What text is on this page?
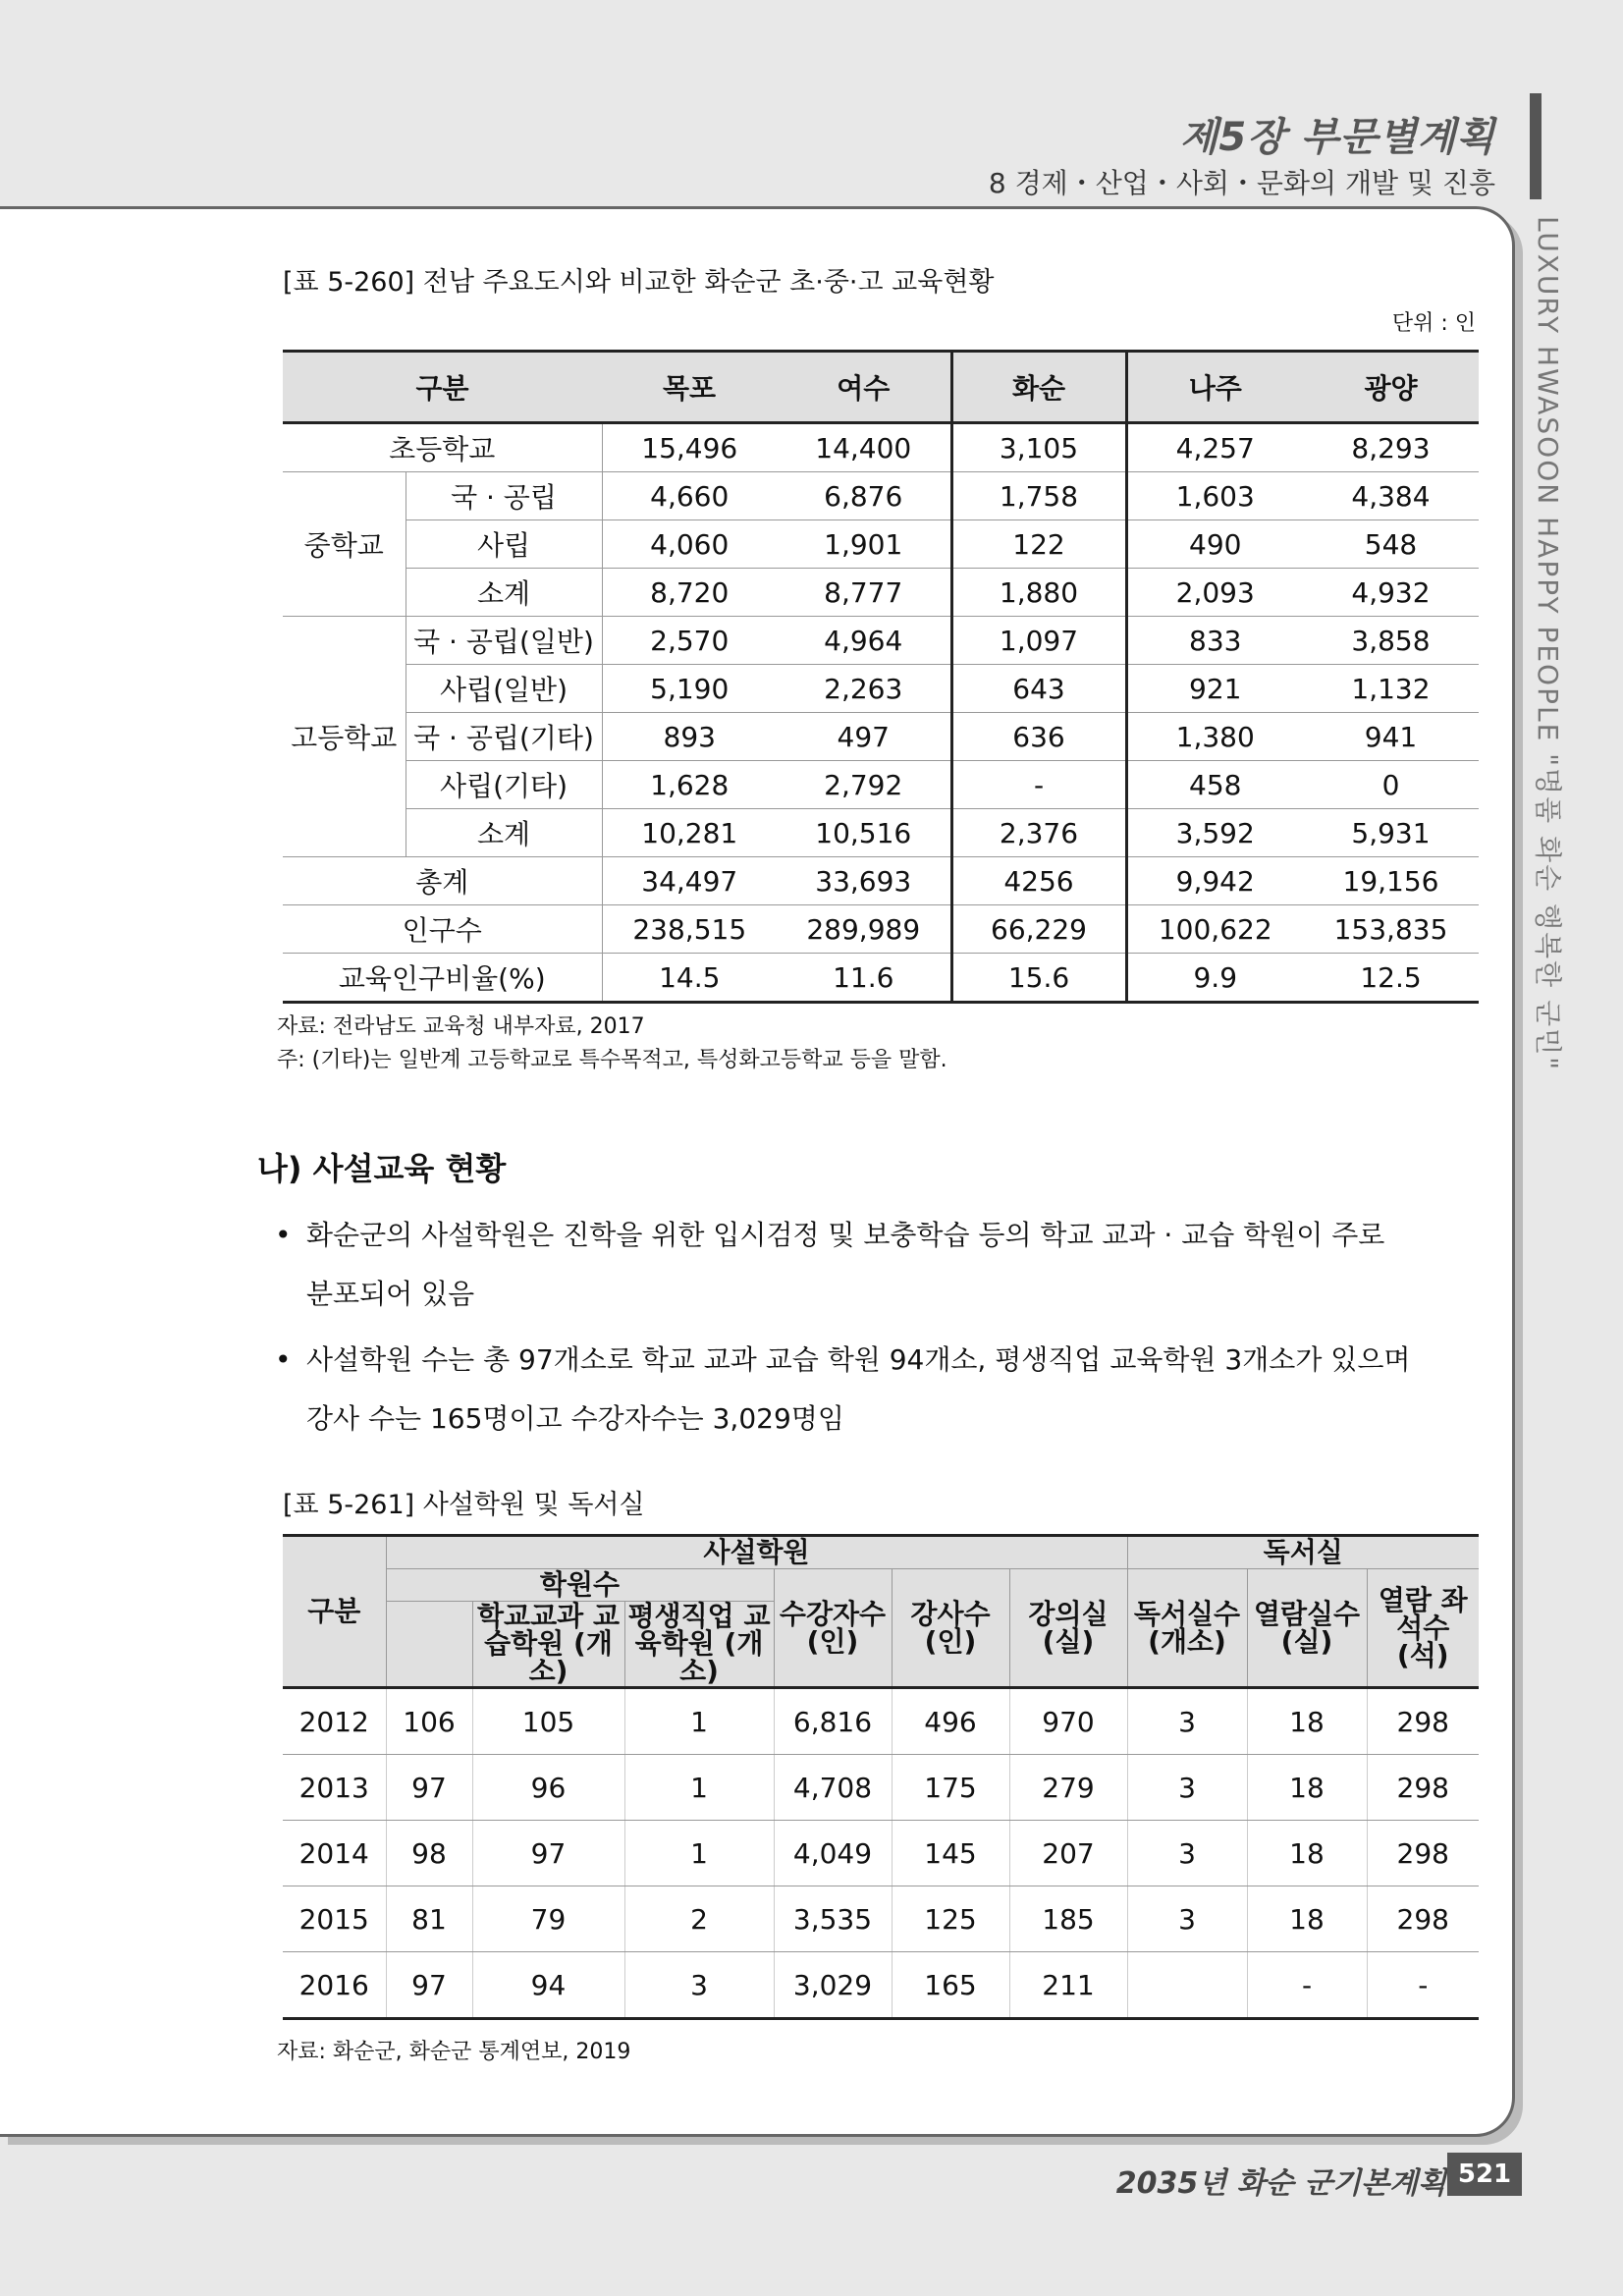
제5장 부문별계획
8 경제・산업・사회・문화의 개발 및 진흥
LUXURY HWASOON HAPPY PEOPLE "명품 화순 행복한 군민"
[표 5-260] 전남 주요도시와 비교한 화순군 초·중·고 교육현황
단위 : 인
구분		목포	여수	화순	나주	광양
초등학교		15,496	14,400	3,105	4,257	8,293
중학교	국 · 공립	4,660	6,876	1,758	1,603	4,384
	사립	4,060	1,901	122	490	548
	소계	8,720	8,777	1,880	2,093	4,932
고등학교	국 · 공립(일반)	2,570	4,964	1,097	833	3,858
	사립(일반)	5,190	2,263	643	921	1,132
	국 · 공립(기타)	893	497	636	1,380	941
	사립(기타)	1,628	2,792	-	458	0
	소계	10,281	10,516	2,376	3,592	5,931
총계		34,497	33,693	4256	9,942	19,156
인구수		238,515	289,989	66,229	100,622	153,835
교육인구비율(%)		14.5	11.6	15.6	9.9	12.5
자료: 전라남도 교육청 내부자료, 2017
주: (기타)는 일반계 고등학교로 특수목적고, 특성화고등학교 등을 말함.
나) 사설교육 현황
• 화순군의 사설학원은 진학을 위한 입시검정 및 보충학습 등의 학교 교과 · 교습 학원이 주로
분포되어 있음
• 사설학원 수는 총 97개소로 학교 교과 교습 학원 94개소, 평생직업 교육학원 3개소가 있으며
강사 수는 165명이고 수강자수는 3,029명임
[표 5-261] 사설학원 및 독서실
구분	사설학원						독서실		
	학원수			수강자수 (인)	강사수 (인)	강의실 (실)	독서실수 (개소)	열람실수 (실)	열람 좌석수 (석)
		학교교과 교습학원 (개소)	평생직업 교육학원 (개소)						
2012	106	105	1	6,816	496	970	3	18	298
2013	97	96	1	4,708	175	279	3	18	298
2014	98	97	1	4,049	145	207	3	18	298
2015	81	79	2	3,535	125	185	3	18	298
2016	97	94	3	3,029	165	211		-	-
자료: 화순군, 화순군 통계연보, 2019
2035년 화순 군기본계획 521
